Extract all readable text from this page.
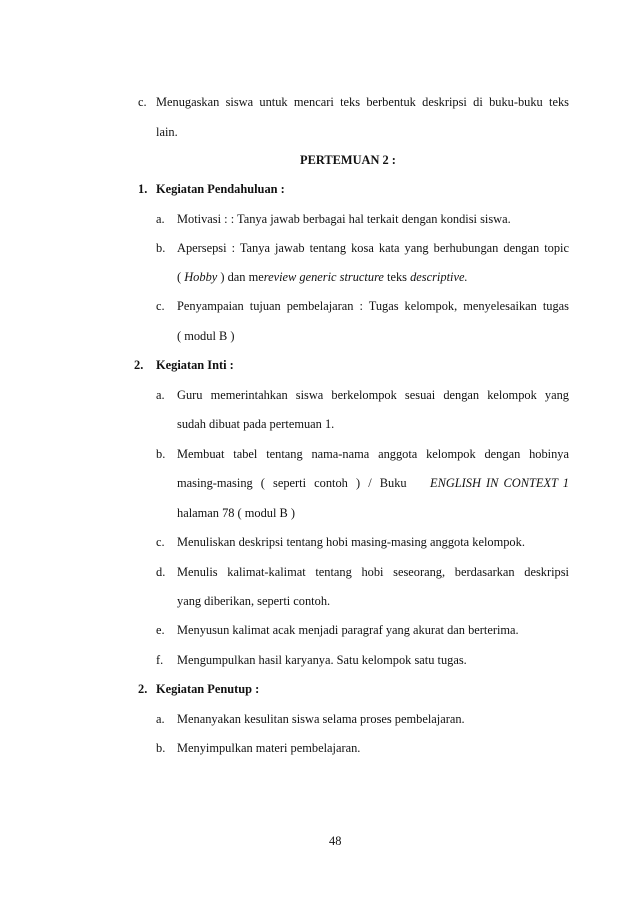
c. Menugaskan siswa untuk mencari teks berbentuk deskripsi di buku-buku teks
lain.
PERTEMUAN 2 :
1. Kegiatan Pendahuluan :
a. Motivasi : : Tanya jawab berbagai hal terkait dengan kondisi siswa.
b. Apersepsi : Tanya jawab tentang kosa kata yang berhubungan dengan topic
( Hobby ) dan mereview generic structure teks descriptive.
c. Penyampaian tujuan pembelajaran : Tugas kelompok, menyelesaikan tugas
( modul B )
2. Kegiatan Inti :
a. Guru memerintahkan siswa berkelompok sesuai dengan kelompok yang
sudah dibuat pada pertemuan 1.
b. Membuat tabel tentang nama-nama anggota kelompok dengan hobinya
masing-masing ( seperti contoh ) / Buku ENGLISH IN CONTEXT 1
halaman 78 ( modul B )
c. Menuliskan deskripsi tentang hobi masing-masing anggota kelompok.
d. Menulis kalimat-kalimat tentang hobi seseorang, berdasarkan deskripsi
yang diberikan, seperti contoh.
e. Menyusun kalimat acak menjadi paragraf yang akurat dan berterima.
f. Mengumpulkan hasil karyanya. Satu kelompok satu tugas.
2. Kegiatan Penutup :
a. Menanyakan kesulitan siswa selama proses pembelajaran.
b. Menyimpulkan materi pembelajaran.
48
